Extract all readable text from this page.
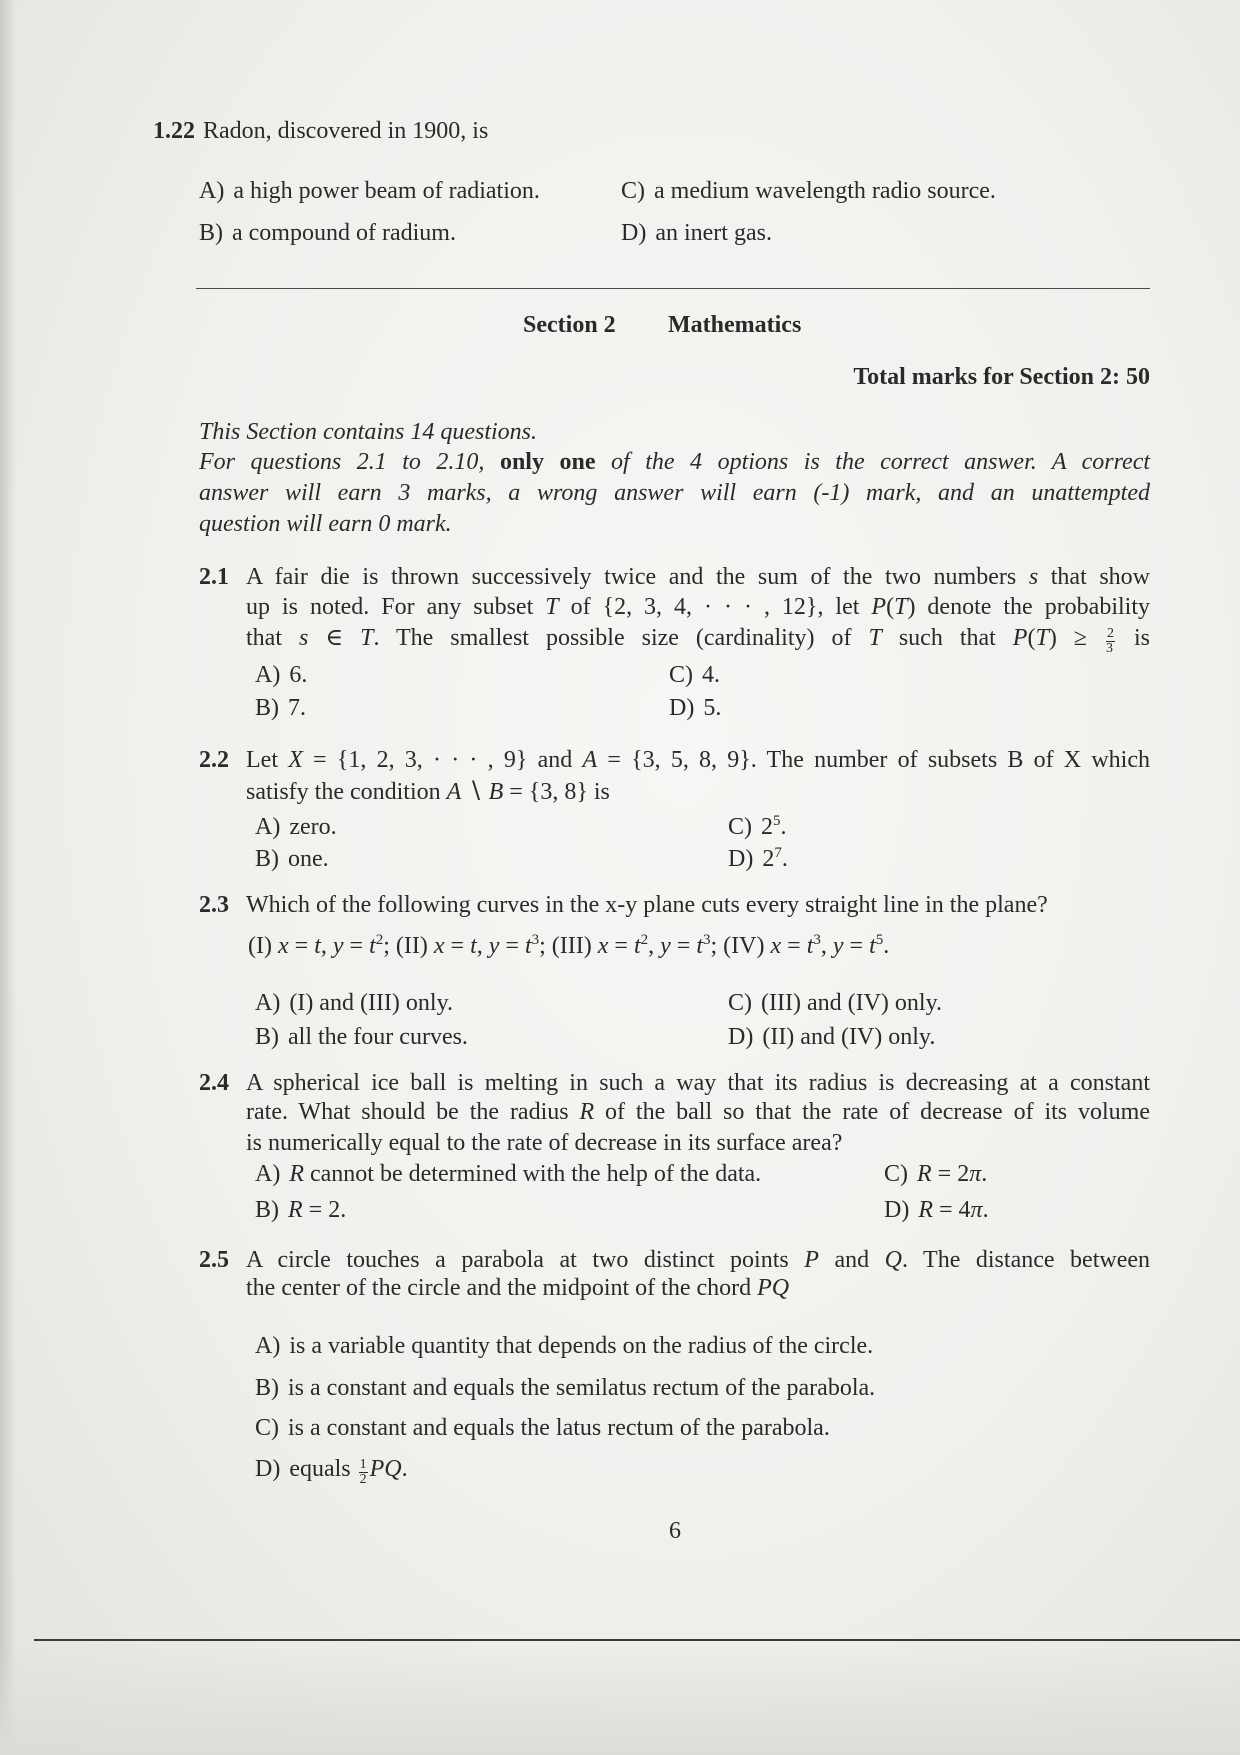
1.22 Radon, discovered in 1900, is
A) a high power beam of radiation.	C) a medium wavelength radio source.
B) a compound of radium.	D) an inert gas.
Section 2 Mathematics
Total marks for Section 2: 50
This Section contains 14 questions.
For questions 2.1 to 2.10, only one of the 4 options is the correct answer. A correct
answer will earn 3 marks, a wrong answer will earn (-1) mark, and an unattempted
question will earn 0 mark.
2.1 A fair die is thrown successively twice and the sum of the two numbers s that show
up is noted. For any subset T of {2, 3, 4, · · · , 12}, let P(T) denote the probability
that s ∈ T. The smallest possible size (cardinality) of T such that $P(T) \ge \frac{2}{3}$ is
A) 6.	C) 4.
B) 7.	D) 5.
2.2 Let X = {1, 2, 3, · · · , 9} and A = {3, 5, 8, 9}. The number of subsets B of X which
satisfy the condition A ∖ B = {3, 8} is
A) zero.	C) $2^5$.
B) one.	D) $2^7$.
2.3 Which of the following curves in the x-y plane cuts every straight line in the plane?
(I) x = t, $y = t^2$; (II) x = t, $y = t^3$; (III) $x = t^2$, $y = t^3$; (IV) $x = t^3$, $y = t^5$.
A) (I) and (III) only.	C) (III) and (IV) only.
B) all the four curves.	D) (II) and (IV) only.
2.4 A spherical ice ball is melting in such a way that its radius is decreasing at a constant
rate. What should be the radius R of the ball so that the rate of decrease of its volume
is numerically equal to the rate of decrease in its surface area?
A) R cannot be determined with the help of the data.	C) R = 2π.
B) R = 2.	D) R = 4π.
2.5 A circle touches a parabola at two distinct points P and Q. The distance between
the center of the circle and the midpoint of the chord PQ
A) is a variable quantity that depends on the radius of the circle.
B) is a constant and equals the semilatus rectum of the parabola.
C) is a constant and equals the latus rectum of the parabola.
D) equals $\frac{1}{2}$ PQ.
6
